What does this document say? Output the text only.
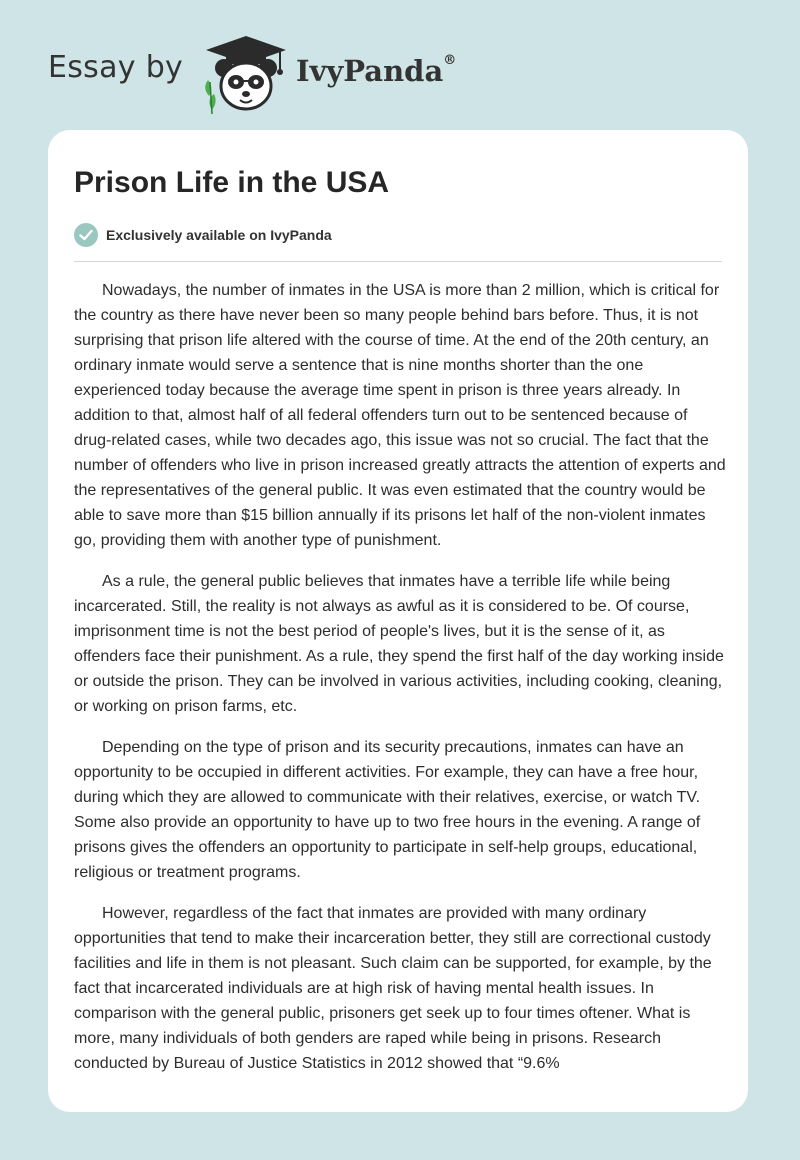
Essay by	IvyPanda®
Prison Life in the USA
Exclusively available on IvyPanda

Nowadays, the number of inmates in the USA is more than 2 million, which is critical for the country as there have never been so many people behind bars before. Thus, it is not surprising that prison life altered with the course of time. At the end of the 20th century, an ordinary inmate would serve a sentence that is nine months shorter than the one experienced today because the average time spent in prison is three years already. In addition to that, almost half of all federal offenders turn out to be sentenced because of drug-related cases, while two decades ago, this issue was not so crucial. The fact that the number of offenders who live in prison increased greatly attracts the attention of experts and the representatives of the general public. It was even estimated that the country would be able to save more than $15 billion annually if its prisons let half of the non-violent inmates go, providing them with another type of punishment.

As a rule, the general public believes that inmates have a terrible life while being incarcerated. Still, the reality is not always as awful as it is considered to be. Of course, imprisonment time is not the best period of people's lives, but it is the sense of it, as offenders face their punishment. As a rule, they spend the first half of the day working inside or outside the prison. They can be involved in various activities, including cooking, cleaning, or working on prison farms, etc.

Depending on the type of prison and its security precautions, inmates can have an opportunity to be occupied in different activities. For example, they can have a free hour, during which they are allowed to communicate with their relatives, exercise, or watch TV. Some also provide an opportunity to have up to two free hours in the evening. A range of prisons gives the offenders an opportunity to participate in self-help groups, educational, religious or treatment programs.

However, regardless of the fact that inmates are provided with many ordinary opportunities that tend to make their incarceration better, they still are correctional custody facilities and life in them is not pleasant. Such claim can be supported, for example, by the fact that incarcerated individuals are at high risk of having mental health issues. In comparison with the general public, prisoners get seek up to four times oftener. What is more, many individuals of both genders are raped while being in prisons. Research conducted by Bureau of Justice Statistics in 2012 showed that “9.6%
